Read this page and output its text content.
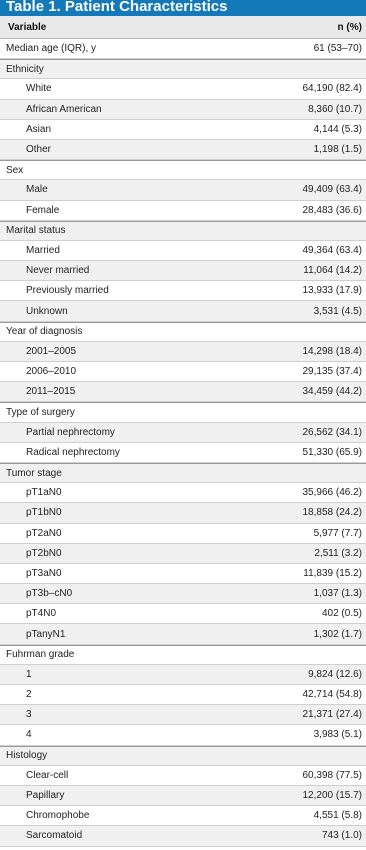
Table 1. Patient Characteristics
Variable	n (%)
Median age (IQR), y	61 (53–70)
Ethnicity
White	64,190 (82.4)
African American	8,360 (10.7)
Asian	4,144 (5.3)
Other	1,198 (1.5)
Sex
Male	49,409 (63.4)
Female	28,483 (36.6)
Marital status
Married	49,364 (63.4)
Never married	11,064 (14.2)
Previously married	13,933 (17.9)
Unknown	3,531 (4.5)
Year of diagnosis
2001–2005	14,298 (18.4)
2006–2010	29,135 (37.4)
2011–2015	34,459 (44.2)
Type of surgery
Partial nephrectomy	26,562 (34.1)
Radical nephrectomy	51,330 (65.9)
Tumor stage
pT1aN0	35,966 (46.2)
pT1bN0	18,858 (24.2)
pT2aN0	5,977 (7.7)
pT2bN0	2,511 (3.2)
pT3aN0	11,839 (15.2)
pT3b–cN0	1,037 (1.3)
pT4N0	402 (0.5)
pTanyN1	1,302 (1.7)
Fuhrman grade
1	9,824 (12.6)
2	42,714 (54.8)
3	21,371 (27.4)
4	3,983 (5.1)
Histology
Clear-cell	60,398 (77.5)
Papillary	12,200 (15.7)
Chromophobe	4,551 (5.8)
Sarcomatoid	743 (1.0)
